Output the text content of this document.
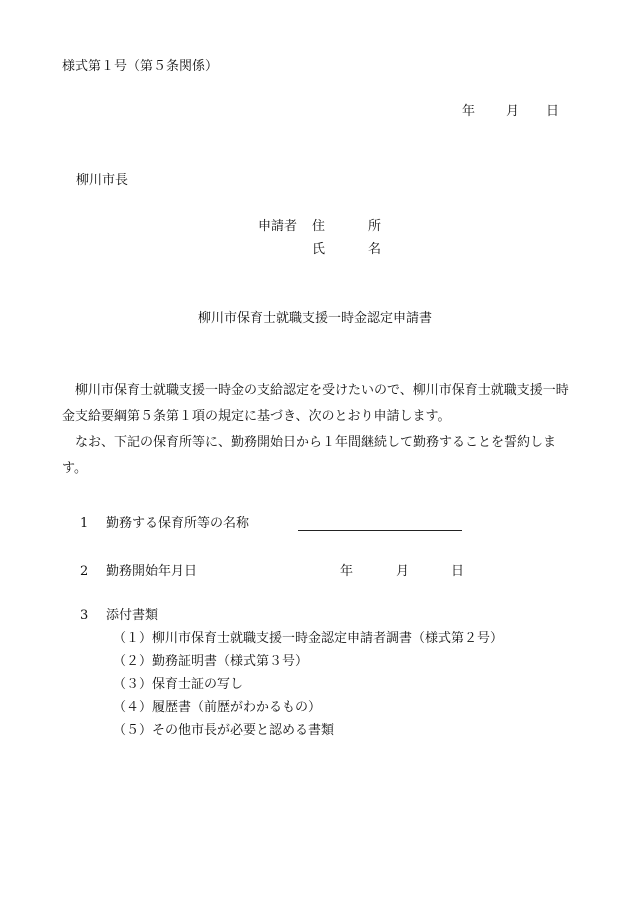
様式第１号（第５条関係）
年 月 日
柳川市長
申請者 住	所
氏	名
柳川市保育士就職支援一時金認定申請書

　柳川市保育士就職支援一時金の支給認定を受けたいので、柳川市保育士就職支援一時金支給要綱第５条第１項の規定に基づき、次のとおり申請します。

　なお、下記の保育所等に、勤務開始日から１年間継続して勤務することを誓約します。

1 勤務する保育所等の名称
2 勤務開始年月日	年	月	日
3 添付書類
（１）柳川市保育士就職支援一時金認定申請者調書（様式第２号）
（２）勤務証明書（様式第３号）
（３）保育士証の写し
（４）履歴書（前歴がわかるもの）
（５）その他市長が必要と認める書類
